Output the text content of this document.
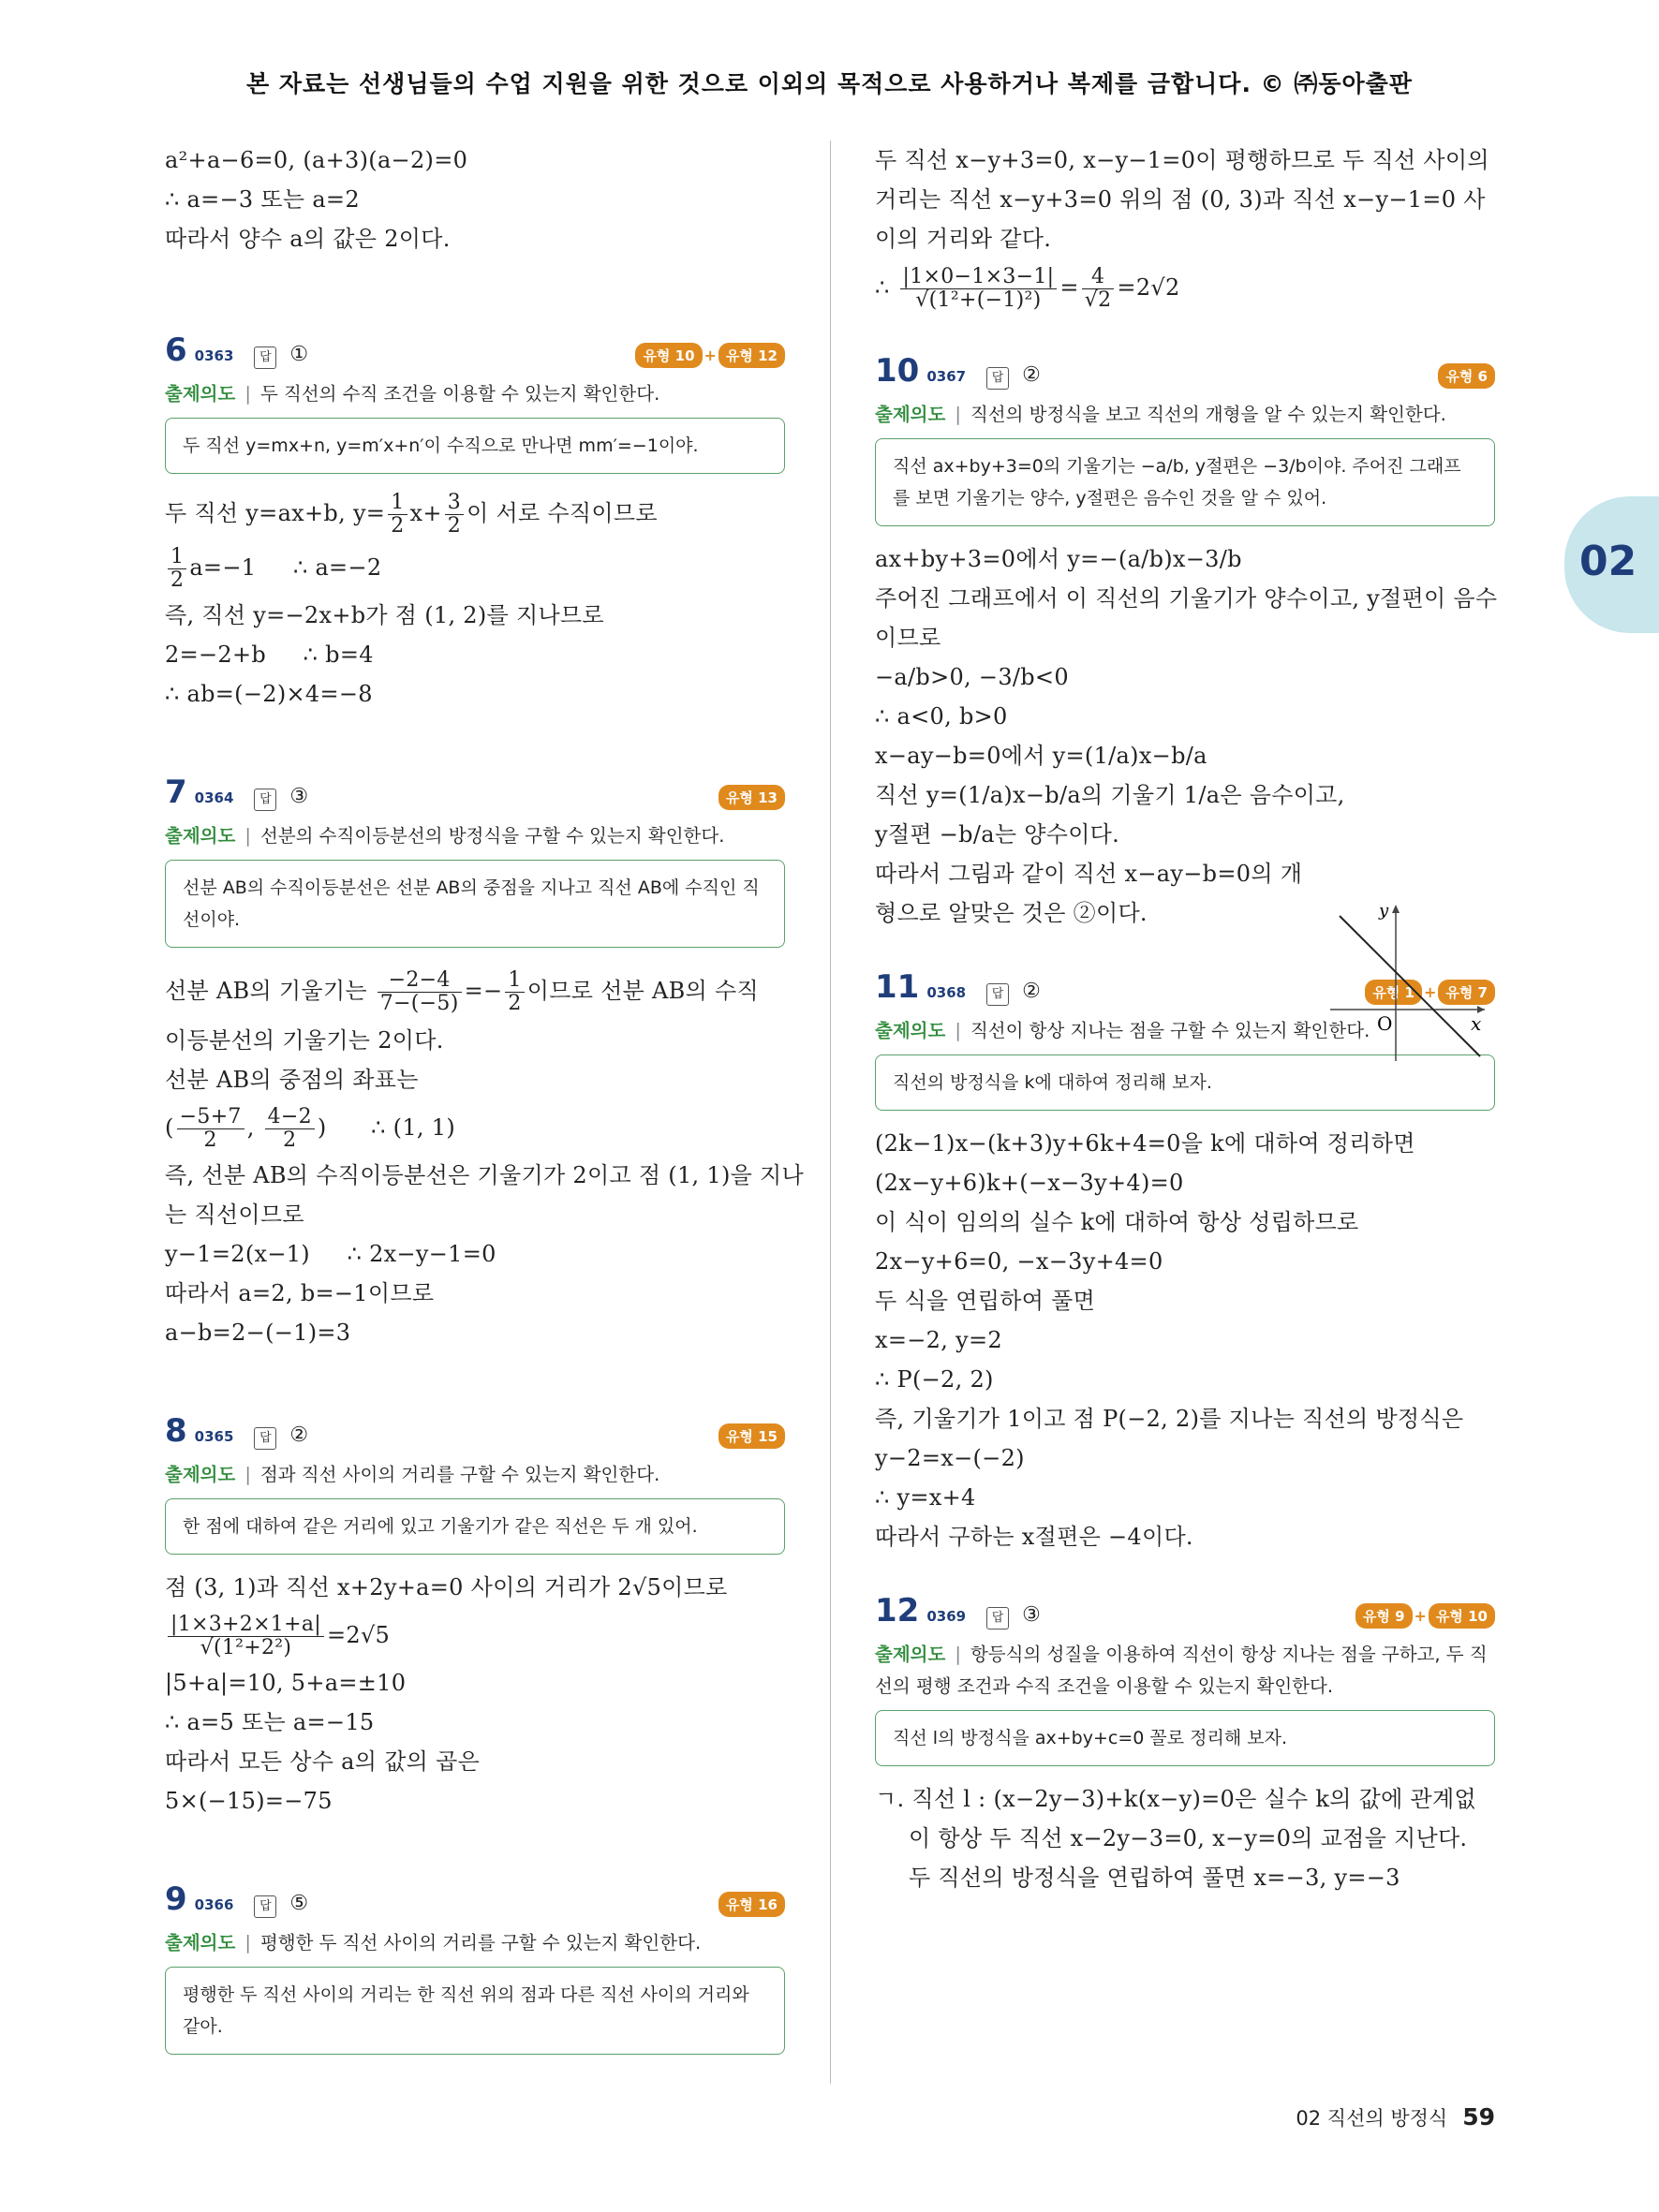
본 자료는 선생님들의 수업 지원을 위한 것으로 이외의 목적으로 사용하거나 복제를 금합니다. © ㈜동아출판
02
a²+a−6=0, (a+3)(a−2)=0
∴ a=−3 또는 a=2
따라서 양수 a의 값은 2이다.
6 0363	답 ①	유형 10 + 유형 12
출제의도 | 두 직선의 수직 조건을 이용할 수 있는지 확인한다.
두 직선 y=mx+n, y=m′x+n′이 수직으로 만나면 mm′=−1이야.
두 직선 y=ax+b, $y= \frac{1}{2} x+ \frac{3}{2}$ 이 서로 수직이므로
$\frac{1}{2} a=-1$     ∴ a=−2
즉, 직선 y=−2x+b가 점 (1, 2)를 지나므로
2=−2+b     ∴ b=4
∴ ab=(−2)×4=−8
7 0364	답 ③	유형 13
출제의도 | 선분의 수직이등분선의 방정식을 구할 수 있는지 확인한다.
선분 AB의 수직이등분선은 선분 AB의 중점을 지나고 직선 AB에 수직인 직선이야.
선분 AB의 기울기는 $\frac{-2-4}{7-(-5)} =- \frac{1}{2}$ 이므로 선분 AB의 수직
이등분선의 기울기는 2이다.
선분 AB의 중점의 좌표는
( $\frac{-5+7}{2}$ , $\frac{4-2}{2}$ )      ∴ (1, 1)
즉, 선분 AB의 수직이등분선은 기울기가 2이고 점 (1, 1)을 지나
는 직선이므로
y−1=2(x−1)     ∴ 2x−y−1=0
따라서 a=2, b=−1이므로
a−b=2−(−1)=3
8 0365	답 ②	유형 15
출제의도 | 점과 직선 사이의 거리를 구할 수 있는지 확인한다.
한 점에 대하여 같은 거리에 있고 기울기가 같은 직선은 두 개 있어.
점 (3, 1)과 직선 x+2y+a=0 사이의 거리가 2√5이므로
$\frac{|1\times 3+2\times 1+a|}{\text{√(1²+2²)}} =2√5$
|5+a|=10, 5+a=±10
∴ a=5 또는 a=−15
따라서 모든 상수 a의 값의 곱은
5×(−15)=−75
9 0366	답 ⑤	유형 16
출제의도 | 평행한 두 직선 사이의 거리를 구할 수 있는지 확인한다.
평행한 두 직선 사이의 거리는 한 직선 위의 점과 다른 직선 사이의 거리와 같아.
두 직선 x−y+3=0, x−y−1=0이 평행하므로 두 직선 사이의
거리는 직선 x−y+3=0 위의 점 (0, 3)과 직선 x−y−1=0 사
이의 거리와 같다.
∴ $\frac{|1\times 0-1\times 3-1|}{\text{√(1²+(−1)²)}} = \frac{4}{√2} =2√2$
10 0367	답 ②	유형 6
출제의도 | 직선의 방정식을 보고 직선의 개형을 알 수 있는지 확인한다.
직선 ax+by+3=0의 기울기는 −a/b, y절편은 −3/b이야. 주어진 그래프를 보면 기울기는 양수, y절편은 음수인 것을 알 수 있어.
ax+by+3=0에서 y=−(a/b)x−3/b
주어진 그래프에서 이 직선의 기울기가 양수이고, y절편이 음수
이므로
−a/b>0, −3/b<0
∴ a<0, b>0
x−ay−b=0에서 y=(1/a)x−b/a
직선 y=(1/a)x−b/a의 기울기 1/a은 음수이고,
y절편 −b/a는 양수이다.
따라서 그림과 같이 직선 x−ay−b=0의 개
형으로 알맞은 것은 ②이다.
11 0368	답 ②	유형 1 + 유형 7
출제의도 | 직선이 항상 지나는 점을 구할 수 있는지 확인한다.
직선의 방정식을 k에 대하여 정리해 보자.
(2k−1)x−(k+3)y+6k+4=0을 k에 대하여 정리하면
(2x−y+6)k+(−x−3y+4)=0
이 식이 임의의 실수 k에 대하여 항상 성립하므로
2x−y+6=0, −x−3y+4=0
두 식을 연립하여 풀면
x=−2, y=2
∴ P(−2, 2)
즉, 기울기가 1이고 점 P(−2, 2)를 지나는 직선의 방정식은
y−2=x−(−2)
∴ y=x+4
따라서 구하는 x절편은 −4이다.
12 0369	답 ③	유형 9 + 유형 10
출제의도 | 항등식의 성질을 이용하여 직선이 항상 지나는 점을 구하고, 두 직선의 평행 조건과 수직 조건을 이용할 수 있는지 확인한다.
직선 l의 방정식을 ax+by+c=0 꼴로 정리해 보자.
ㄱ. 직선 l : (x−2y−3)+k(x−y)=0은 실수 k의 값에 관계없
이 항상 두 직선 x−2y−3=0, x−y=0의 교점을 지난다.
두 직선의 방정식을 연립하여 풀면 x=−3, y=−3
x
y
O
02 직선의 방정식 59
